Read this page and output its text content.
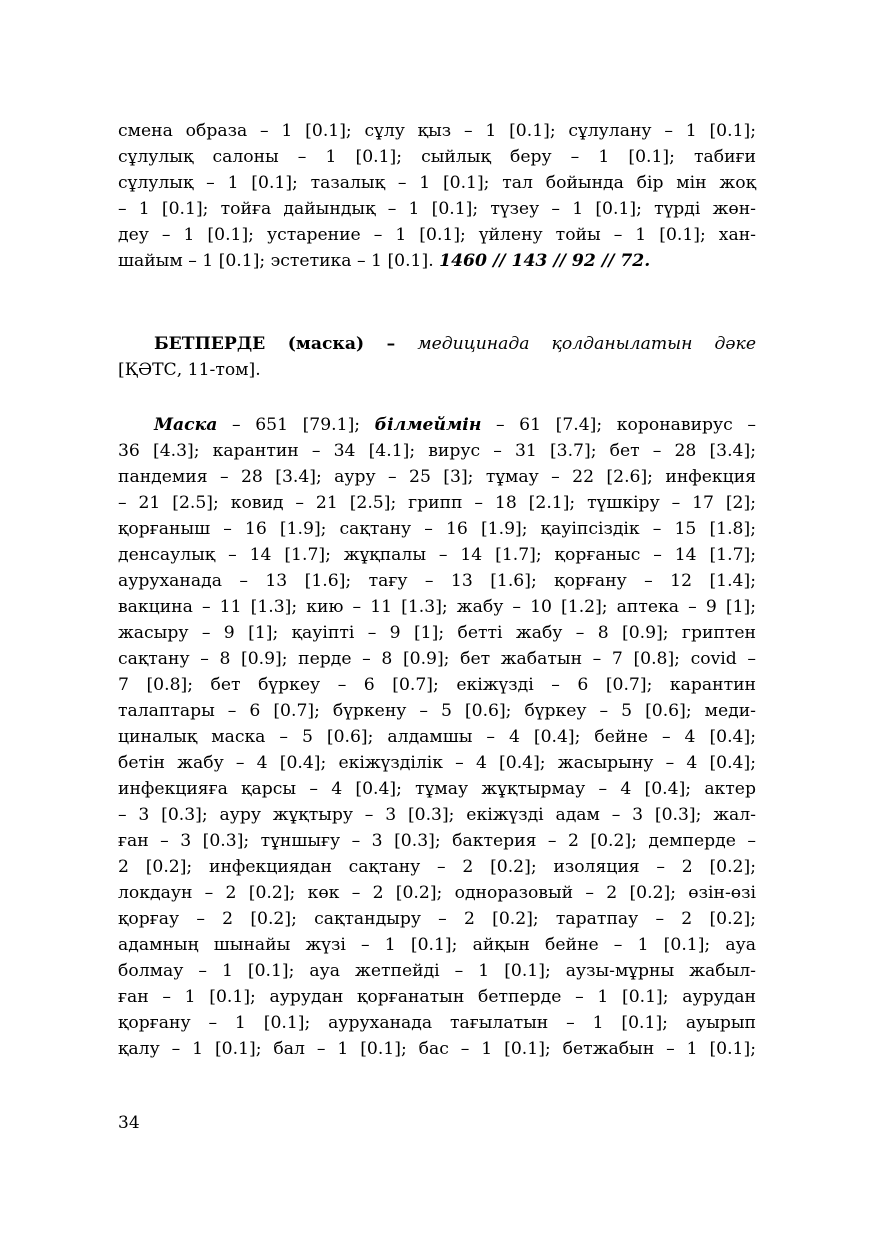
смена образа – 1 [0.1]; сұлу қыз – 1 [0.1]; сұлулану – 1 [0.1];
сұлулық салоны – 1 [0.1]; сыйлық беру – 1 [0.1]; табиғи
сұлулық – 1 [0.1]; тазалық – 1 [0.1]; тал бойында бір мін жоқ
– 1 [0.1]; тойға дайындық – 1 [0.1]; түзеу – 1 [0.1]; түрді жөн-
деу – 1 [0.1]; устарение – 1 [0.1]; үйлену тойы – 1 [0.1]; хан-
шайым – 1 [0.1]; эстетика – 1 [0.1]. 1460 // 143 // 92 // 72.
БЕТПЕРДЕ (маска) – медицинада қолданылатын дәке
[ҚӘТС, 11-том].
Маска – 651 [79.1]; білмеймін – 61 [7.4]; коронавирус –
36 [4.3]; карантин – 34 [4.1]; вирус – 31 [3.7]; бет – 28 [3.4];
пандемия – 28 [3.4]; ауру – 25 [3]; тұмау – 22 [2.6]; инфекция
– 21 [2.5]; ковид – 21 [2.5]; грипп – 18 [2.1]; түшкіру – 17 [2];
қорғаныш – 16 [1.9]; сақтану – 16 [1.9]; қауіпсіздік – 15 [1.8];
денсаулық – 14 [1.7]; жұқпалы – 14 [1.7]; қорғаныс – 14 [1.7];
ауруханада – 13 [1.6]; тағу – 13 [1.6]; қорғану – 12 [1.4];
вакцина – 11 [1.3]; кию – 11 [1.3]; жабу – 10 [1.2]; аптека – 9 [1];
жасыру – 9 [1]; қауіпті – 9 [1]; бетті жабу – 8 [0.9]; гриптен
сақтану – 8 [0.9]; перде – 8 [0.9]; бет жабатын – 7 [0.8]; covid –
7 [0.8]; бет бүркеу – 6 [0.7]; екіжүзді – 6 [0.7]; карантин
талаптары – 6 [0.7]; бүркену – 5 [0.6]; бүркеу – 5 [0.6]; меди-
циналық маска – 5 [0.6]; алдамшы – 4 [0.4]; бейне – 4 [0.4];
бетін жабу – 4 [0.4]; екіжүзділік – 4 [0.4]; жасырыну – 4 [0.4];
инфекцияға қарсы – 4 [0.4]; тұмау жұқтырмау – 4 [0.4]; актер
– 3 [0.3]; ауру жұқтыру – 3 [0.3]; екіжүзді адам – 3 [0.3]; жал-
ған – 3 [0.3]; тұншығу – 3 [0.3]; бактерия – 2 [0.2]; демперде –
2 [0.2]; инфекциядан сақтану – 2 [0.2]; изоляция – 2 [0.2];
локдаун – 2 [0.2]; көк – 2 [0.2]; одноразовый – 2 [0.2]; өзін-өзі
қорғау – 2 [0.2]; сақтандыру – 2 [0.2]; таратпау – 2 [0.2];
адамның шынайы жүзі – 1 [0.1]; айқын бейне – 1 [0.1]; ауа
болмау – 1 [0.1]; ауа жетпейді – 1 [0.1]; аузы-мұрны жабыл-
ған – 1 [0.1]; аурудан қорғанатын бетперде – 1 [0.1]; аурудан
қорғану – 1 [0.1]; ауруханада тағылатын – 1 [0.1]; ауырып
қалу – 1 [0.1]; бал – 1 [0.1]; бас – 1 [0.1]; бетжабын – 1 [0.1];
34
